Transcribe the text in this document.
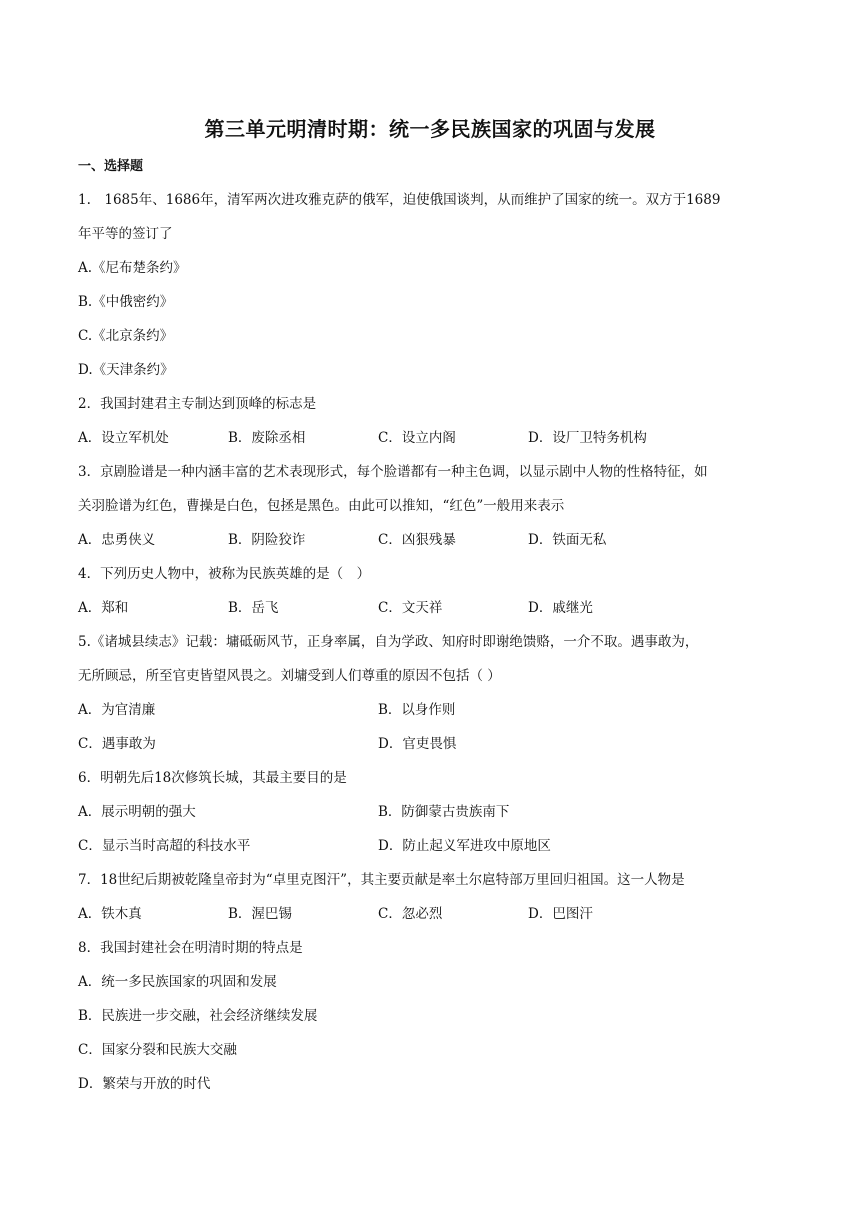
第三单元明清时期：统一多民族国家的巩固与发展
一、选择题
1.　1685年、1686年，清军两次进攻雅克萨的俄军，迫使俄国谈判，从而维护了国家的统一。双方于1689
年平等的签订了
A.《尼布楚条约》
B.《中俄密约》
C.《北京条约》
D.《天津条约》
2．我国封建君主专制达到顶峰的标志是
A．设立军机处	B．废除丞相	C．设立内阁	D．设厂卫特务机构
3．京剧脸谱是一种内涵丰富的艺术表现形式，每个脸谱都有一种主色调，以显示剧中人物的性格特征，如
关羽脸谱为红色，曹操是白色，包拯是黑色。由此可以推知，“红色”一般用来表示
A．忠勇侠义	B．阴险狡诈	C．凶狠残暴	D．铁面无私
4．下列历史人物中，被称为民族英雄的是（　）
A．郑和	B．岳飞	C．文天祥	D．戚继光
5.《诸城县续志》记载：墉砥砺风节，正身率属，自为学政、知府时即谢绝馈赂，一介不取。遇事敢为，
无所顾忌，所至官吏皆望风畏之。刘墉受到人们尊重的原因不包括（ ）
A．为官清廉	B．以身作则
C．遇事敢为	D．官吏畏惧
6．明朝先后18次修筑长城，其最主要目的是
A．展示明朝的强大	B．防御蒙古贵族南下
C．显示当时高超的科技水平	D．防止起义军进攻中原地区
7．18世纪后期被乾隆皇帝封为“卓里克图汗”，其主要贡献是率土尔扈特部万里回归祖国。这一人物是
A．铁木真	B．渥巴锡	C．忽必烈	D．巴图汗
8．我国封建社会在明清时期的特点是
A．统一多民族国家的巩固和发展
B．民族进一步交融，社会经济继续发展
C．国家分裂和民族大交融
D．繁荣与开放的时代
